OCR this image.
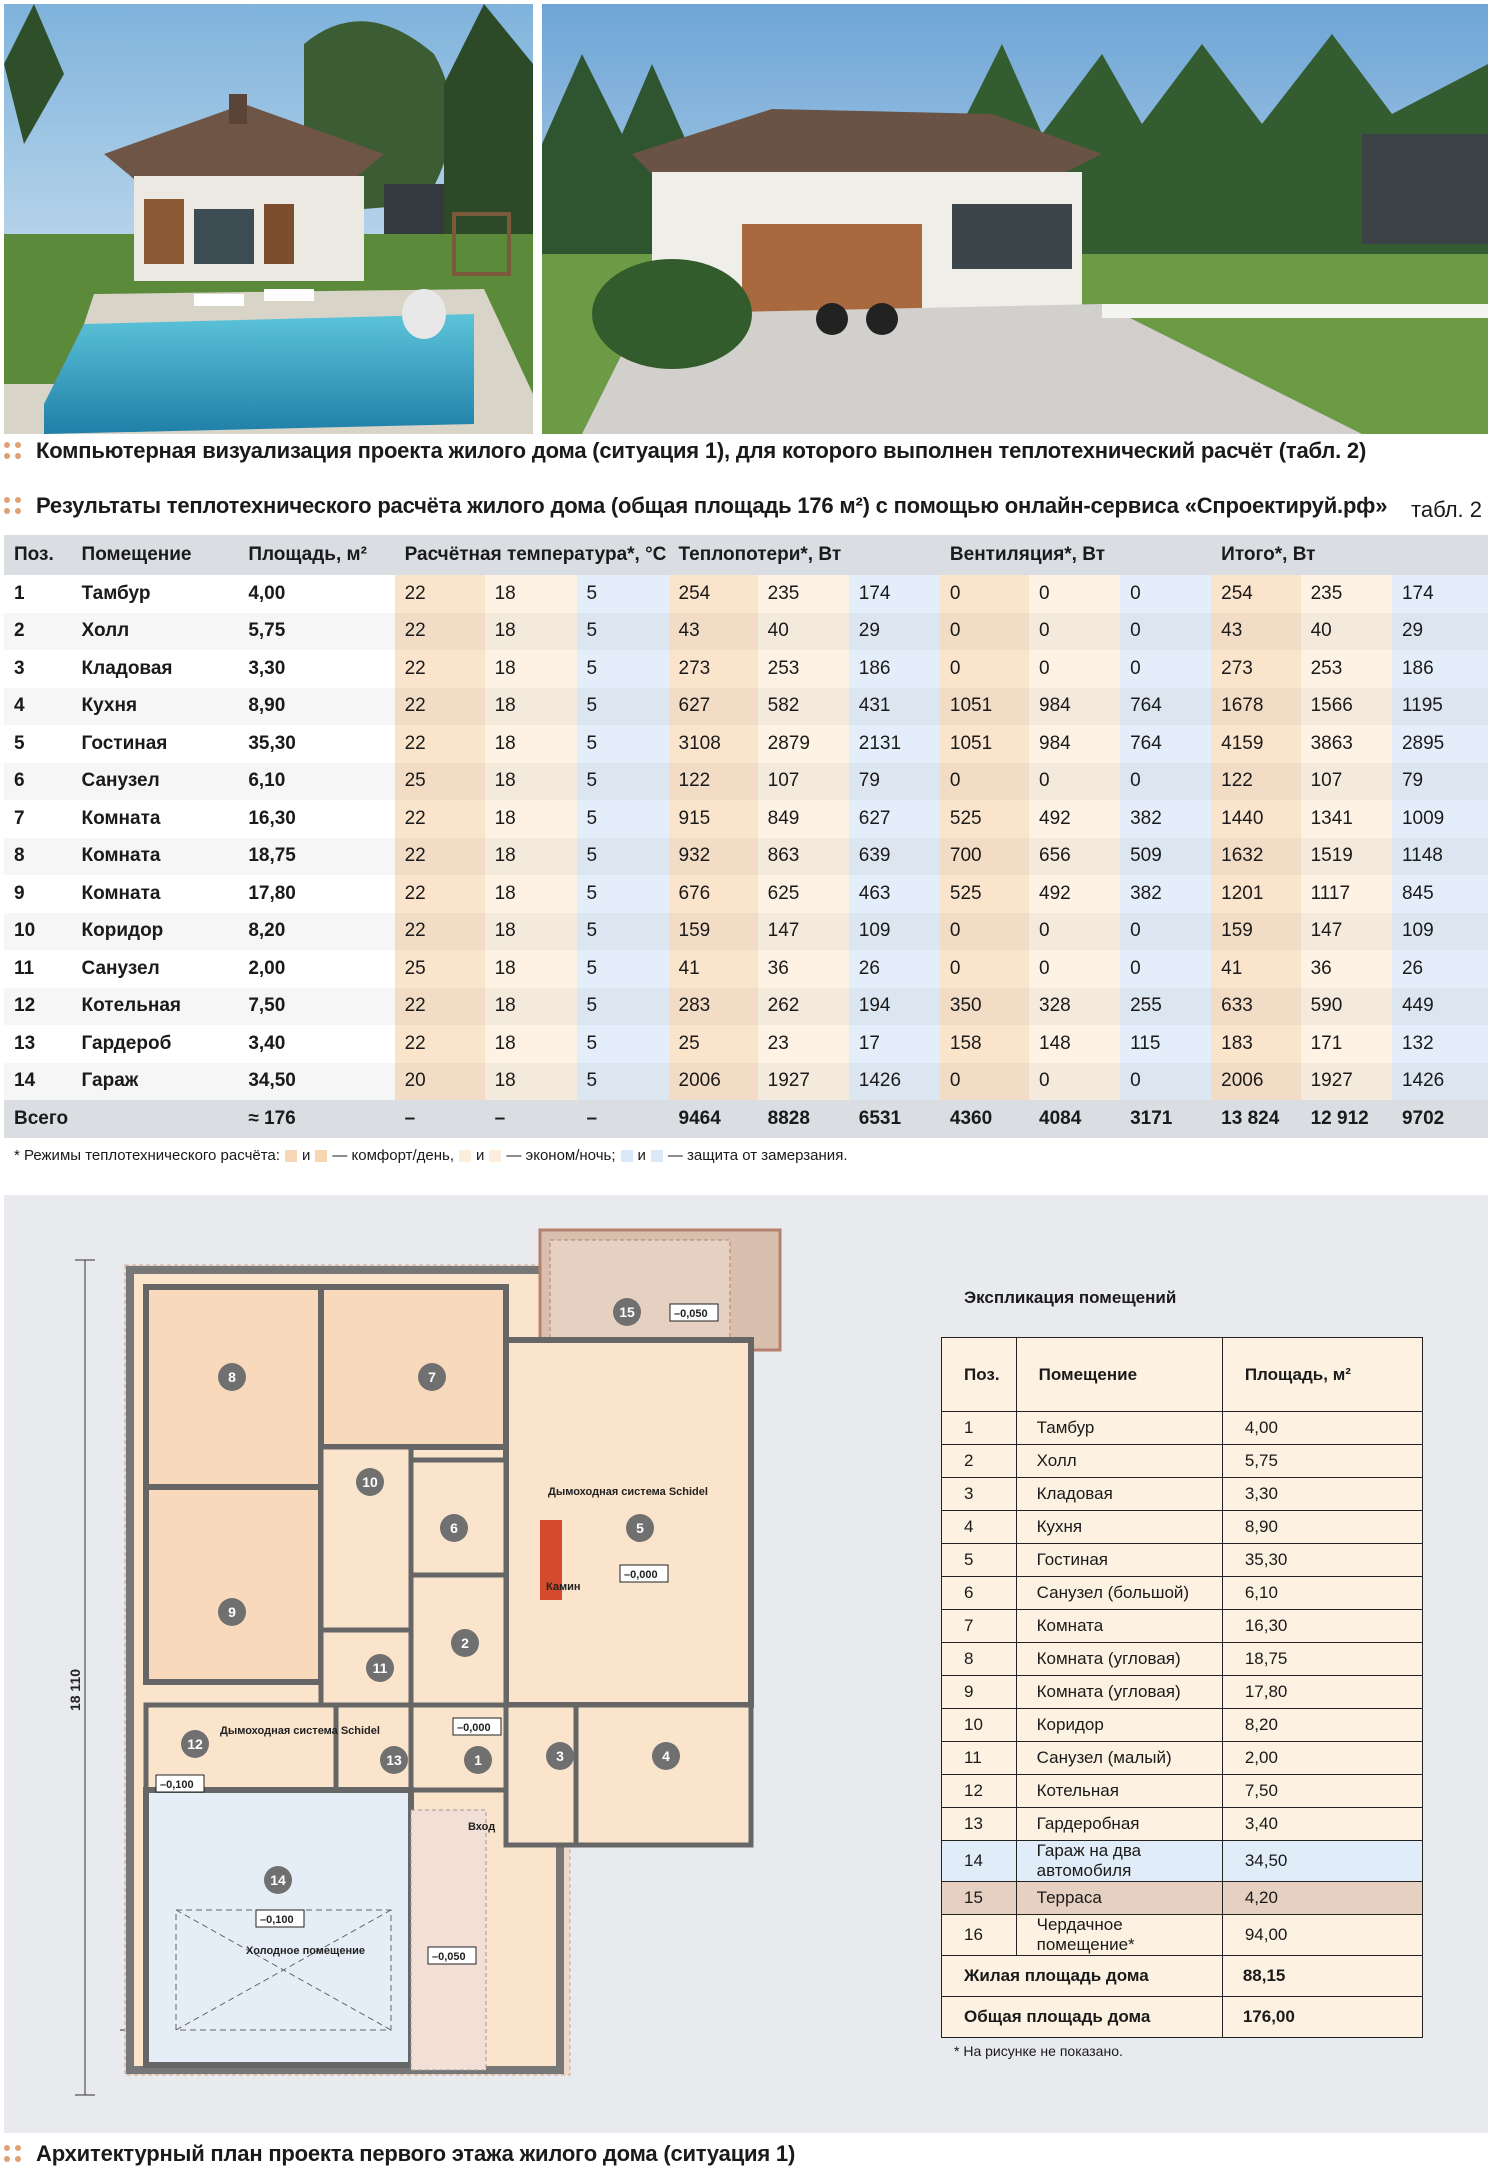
Компьютерная визуализация проекта жилого дома (ситуация 1), для которого выполнен теплотехнический расчёт (табл. 2)
Результаты теплотехнического расчёта жилого дома (общая площадь 176 м²) с помощью онлайн-сервиса «Спроектируй.рф» табл. 2
Поз.	Помещение	Площадь, м²	Расчётная температура*, °C			Теплопотери*, Вт			Вентиляция*, Вт			Итого*, Вт		
1	Тамбур	4,00	22	18	5	254	235	174	0	0	0	254	235	174
2	Холл	5,75	22	18	5	43	40	29	0	0	0	43	40	29
3	Кладовая	3,30	22	18	5	273	253	186	0	0	0	273	253	186
4	Кухня	8,90	22	18	5	627	582	431	1051	984	764	1678	1566	1195
5	Гостиная	35,30	22	18	5	3108	2879	2131	1051	984	764	4159	3863	2895
6	Санузел	6,10	25	18	5	122	107	79	0	0	0	122	107	79
7	Комната	16,30	22	18	5	915	849	627	525	492	382	1440	1341	1009
8	Комната	18,75	22	18	5	932	863	639	700	656	509	1632	1519	1148
9	Комната	17,80	22	18	5	676	625	463	525	492	382	1201	1117	845
10	Коридор	8,20	22	18	5	159	147	109	0	0	0	159	147	109
11	Санузел	2,00	25	18	5	41	36	26	0	0	0	41	36	26
12	Котельная	7,50	22	18	5	283	262	194	350	328	255	633	590	449
13	Гардероб	3,40	22	18	5	25	23	17	158	148	115	183	171	132
14	Гараж	34,50	20	18	5	2006	1927	1426	0	0	0	2006	1927	1426
Всего		≈ 176	–	–	–	9464	8828	6531	4360	4084	3171	13 824	12 912	9702
* Режимы теплотехнического расчёта: и — комфорт/день, и — эконом/ночь; и — защита от замерзания.
18 110
8
9
7
5
10
6
2
11
12
13	1	3	4
14
15	–0,050
–0,000
–0,000
–0,100
–0,100
–0,050
Дымоходная система Schidel
Камин
Дымоходная система Schidel
Вход
Холодное помещение
Экспликация помещений
Поз.	Помещение	Площадь, м²
1	Тамбур	4,00
2	Холл	5,75
3	Кладовая	3,30
4	Кухня	8,90
5	Гостиная	35,30
6	Санузел (большой)	6,10
7	Комната	16,30
8	Комната (угловая)	18,75
9	Комната (угловая)	17,80
10	Коридор	8,20
11	Санузел (малый)	2,00
12	Котельная	7,50
13	Гардеробная	3,40
14	Гараж на два автомобиля	34,50
15	Терраса	4,20
16	Чердачное помещение*	94,00
Жилая площадь дома		88,15
Общая площадь дома		176,00
* На рисунке не показано.
Архитектурный план проекта первого этажа жилого дома (ситуация 1)
